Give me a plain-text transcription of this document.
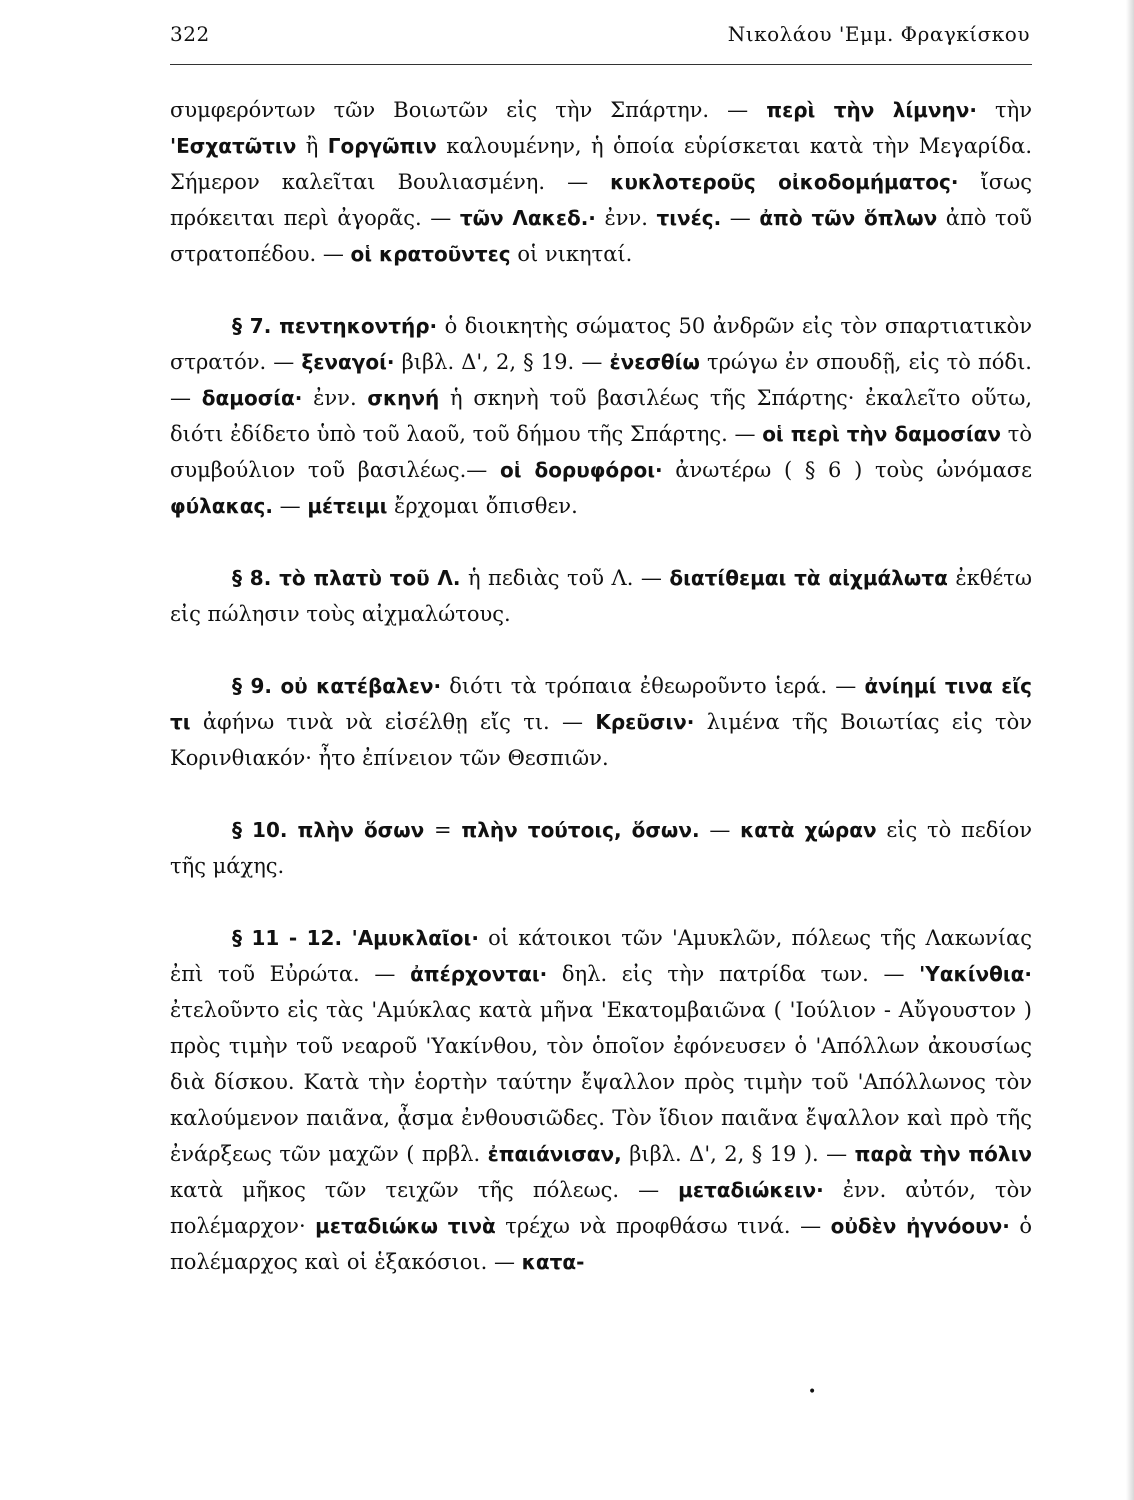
322	Νικολάου 'Εμμ. Φραγκίσκου

συμφερόντων τῶν Βοιωτῶν εἰς τὴν Σπάρτην. — περὶ τὴν λίμνην· τὴν 'Εσχατῶτιν ἢ Γοργῶπιν καλουμένην, ἡ ὁποία εὑρίσκεται κατὰ τὴν Μεγαρίδα. Σήμερον καλεῖται Βουλιασμένη. — κυκλοτεροῦς οἰκοδομήματος· ἴσως πρόκειται περὶ ἀγορᾶς. — τῶν Λακεδ.· ἐνν. τινές. — ἀπὸ τῶν ὅπλων ἀπὸ τοῦ στρατοπέδου. — οἱ κρατοῦντες οἱ νικηταί.

§ 7. πεντηκοντήρ· ὁ διοικητὴς σώματος 50 ἀνδρῶν εἰς τὸν σπαρτιατικὸν στρατόν. — ξεναγοί· βιβλ. Δ', 2, § 19. — ἐνεσθίω τρώγω ἐν σπουδῇ, εἰς τὸ πόδι. — δαμοσία· ἐνν. σκηνή ἡ σκηνὴ τοῦ βασιλέως τῆς Σπάρτης· ἐκαλεῖτο οὕτω, διότι ἐδίδετο ὑπὸ τοῦ λαοῦ, τοῦ δήμου τῆς Σπάρτης. — οἱ περὶ τὴν δαμοσίαν τὸ συμβούλιον τοῦ βασιλέως.— οἱ δορυφόροι· ἀνωτέρω ( § 6 ) τοὺς ὠνόμασε φύλακας. — μέτειμι ἔρχομαι ὄπισθεν.

§ 8. τὸ πλατὺ τοῦ Λ. ἡ πεδιὰς τοῦ Λ. — διατίθεμαι τὰ αἰχμάλωτα ἐκθέτω εἰς πώλησιν τοὺς αἰχμαλώτους.

§ 9. οὐ κατέβαλεν· διότι τὰ τρόπαια ἐθεωροῦντο ἱερά. — ἀνίημί τινα εἴς τι ἀφήνω τινὰ νὰ εἰσέλθῃ εἴς τι. — Κρεῦσιν· λιμένα τῆς Βοιωτίας εἰς τὸν Κορινθιακόν· ἦτο ἐπίνειον τῶν Θεσπιῶν.

§ 10. πλὴν ὅσων = πλὴν τούτοις, ὅσων. — κατὰ χώραν εἰς τὸ πεδίον τῆς μάχης.

§ 11 - 12. 'Αμυκλαῖοι· οἱ κάτοικοι τῶν 'Αμυκλῶν, πόλεως τῆς Λακωνίας ἐπὶ τοῦ Εὐρώτα. — ἀπέρχονται· δηλ. εἰς τὴν πατρίδα των. — 'Υακίνθια· ἐτελοῦντο εἰς τὰς 'Αμύκλας κατὰ μῆνα 'Εκατομβαιῶνα ( 'Ιούλιον - Αὔγουστον ) πρὸς τιμὴν τοῦ νεαροῦ 'Υακίνθου, τὸν ὁποῖον ἐφόνευσεν ὁ 'Απόλλων ἀκουσίως διὰ δίσκου. Κατὰ τὴν ἑορτὴν ταύτην ἔψαλλον πρὸς τιμὴν τοῦ 'Απόλλωνος τὸν καλούμενον παιᾶνα, ᾆσμα ἐνθουσιῶδες. Τὸν ἴδιον παιᾶνα ἔψαλλον καὶ πρὸ τῆς ἐνάρξεως τῶν μαχῶν ( πρβλ. ἐπαιάνισαν, βιβλ. Δ', 2, § 19 ). — παρὰ τὴν πόλιν κατὰ μῆκος τῶν τειχῶν τῆς πόλεως. — μεταδιώκειν· ἐνν. αὐτόν, τὸν πολέμαρχον· μεταδιώκω τινὰ τρέχω νὰ προφθάσω τινά. — οὐδὲν ἠγνόουν· ὁ πολέμαρχος καὶ οἱ ἑξακόσιοι. — κατα-

•
